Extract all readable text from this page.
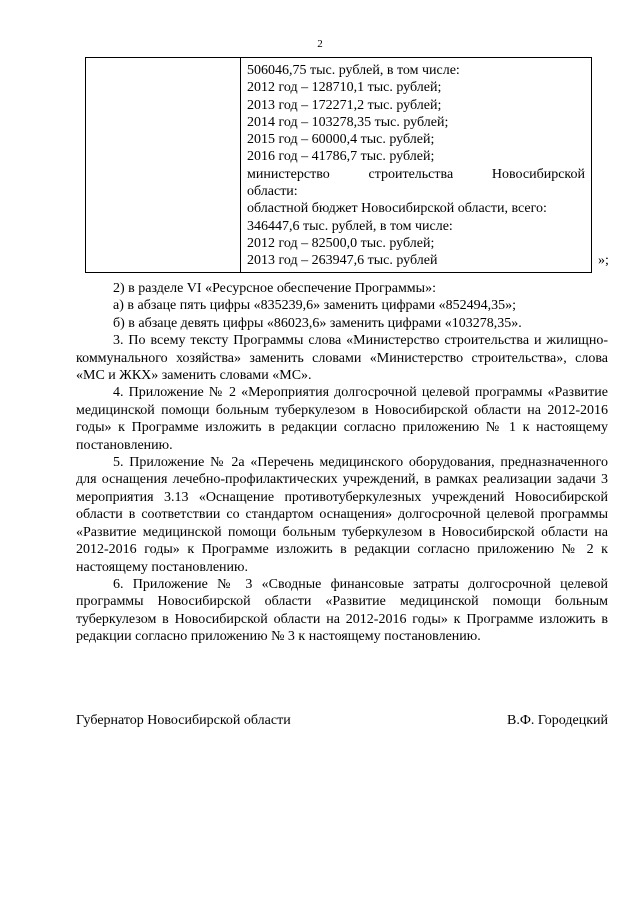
2

506046,75 тыс. рублей, в том числе:
2012 год – 128710,1 тыс. рублей;
2013 год – 172271,2 тыс. рублей;
2014 год – 103278,35 тыс. рублей;
2015 год – 60000,4 тыс. рублей;
2016 год – 41786,7 тыс. рублей;
министерство	строительства	Новосибирской
области:
областной бюджет Новосибирской области, всего:
346447,6 тыс. рублей, в том числе:
2012 год – 82500,0 тыс. рублей;
2013 год – 263947,6 тыс. рублей	»;

2) в разделе VI «Ресурсное обеспечение Программы»:

а) в абзаце пять цифры «835239,6» заменить цифрами «852494,35»;

б) в абзаце девять цифры «86023,6» заменить цифрами «103278,35».

3. По всему тексту Программы слова «Министерство строительства и жилищно-коммунального хозяйства» заменить словами «Министерство строительства», слова «МС и ЖКХ» заменить словами «МС».

4. Приложение № 2 «Мероприятия долгосрочной целевой программы «Развитие медицинской помощи больным туберкулезом в Новосибирской области на 2012-2016 годы» к Программе изложить в редакции согласно приложению № 1 к настоящему постановлению.

5. Приложение № 2а «Перечень медицинского оборудования, предназначенного для оснащения лечебно-профилактических учреждений, в рамках реализации задачи 3 мероприятия 3.13 «Оснащение противотуберкулезных учреждений Новосибирской области в соответствии со стандартом оснащения» долгосрочной целевой программы «Развитие медицинской помощи больным туберкулезом в Новосибирской области на 2012-2016 годы» к Программе изложить в редакции согласно приложению № 2 к настоящему постановлению.

6. Приложение № 3 «Сводные финансовые затраты долгосрочной целевой программы Новосибирской области «Развитие медицинской помощи больным туберкулезом в Новосибирской области на 2012-2016 годы» к Программе изложить в редакции согласно приложению № 3 к настоящему постановлению.

Губернатор Новосибирской области	В.Ф. Городецкий
